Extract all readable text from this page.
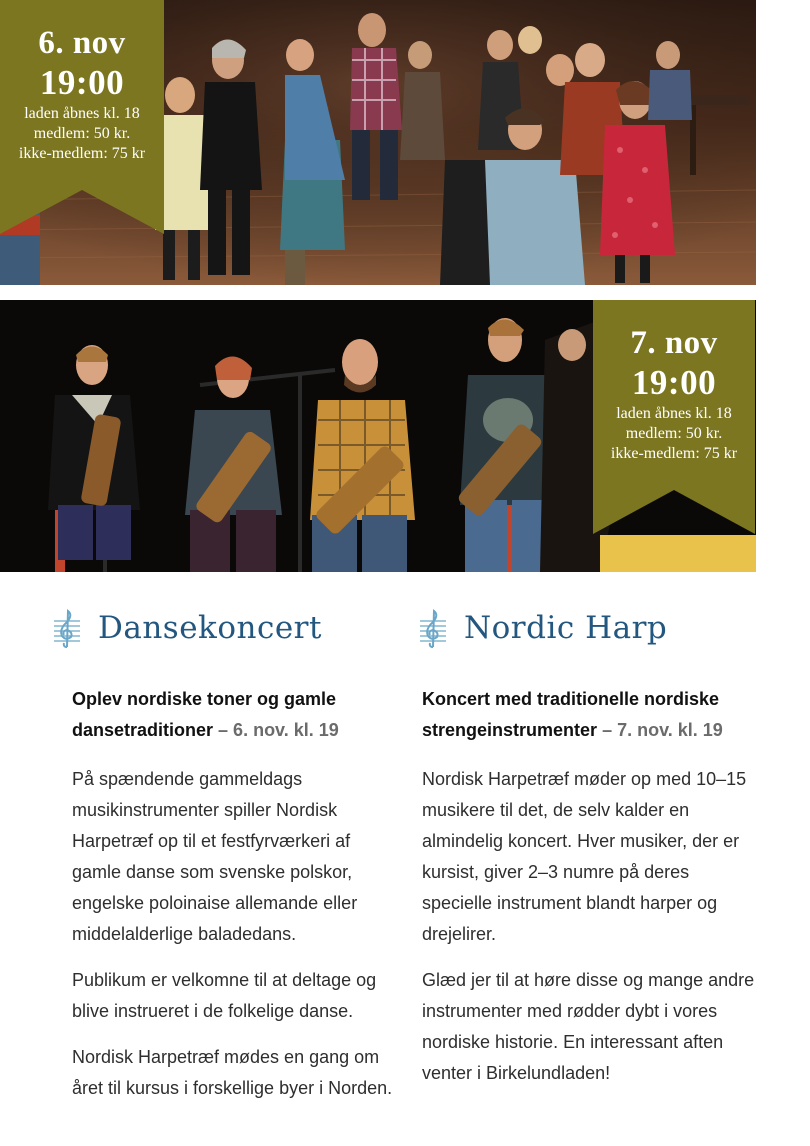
6. nov
19:00
laden åbnes kl. 18
medlem: 50 kr.
ikke-medlem: 75 kr
7. nov
19:00
laden åbnes kl. 18
medlem: 50 kr.
ikke-medlem: 75 kr
Dansekoncert

Oplev nordiske toner og gamle dansetraditioner – 6. nov. kl. 19

På spændende gammeldags musikinstrumenter spiller Nordisk Harpetræf op til et festfyrværkeri af gamle danse som svenske polskor, engelske poloinaise allemande eller middelalderlige baladedans.

Publikum er velkomne til at deltage og blive instrueret i de folkelige danse.

Nordisk Harpetræf mødes en gang om året til kursus i forskellige byer i Norden.

Nordic Harp

Koncert med traditionelle nordiske strengeinstrumenter – 7. nov. kl. 19

Nordisk Harpetræf møder op med 10–15 musikere til det, de selv kalder en almindelig koncert. Hver musiker, der er kursist, giver 2–3 numre på deres specielle instrument blandt harper og drejelirer.

Glæd jer til at høre disse og mange andre instrumenter med rødder dybt i vores nordiske historie. En interessant aften venter i Birkelundladen!
